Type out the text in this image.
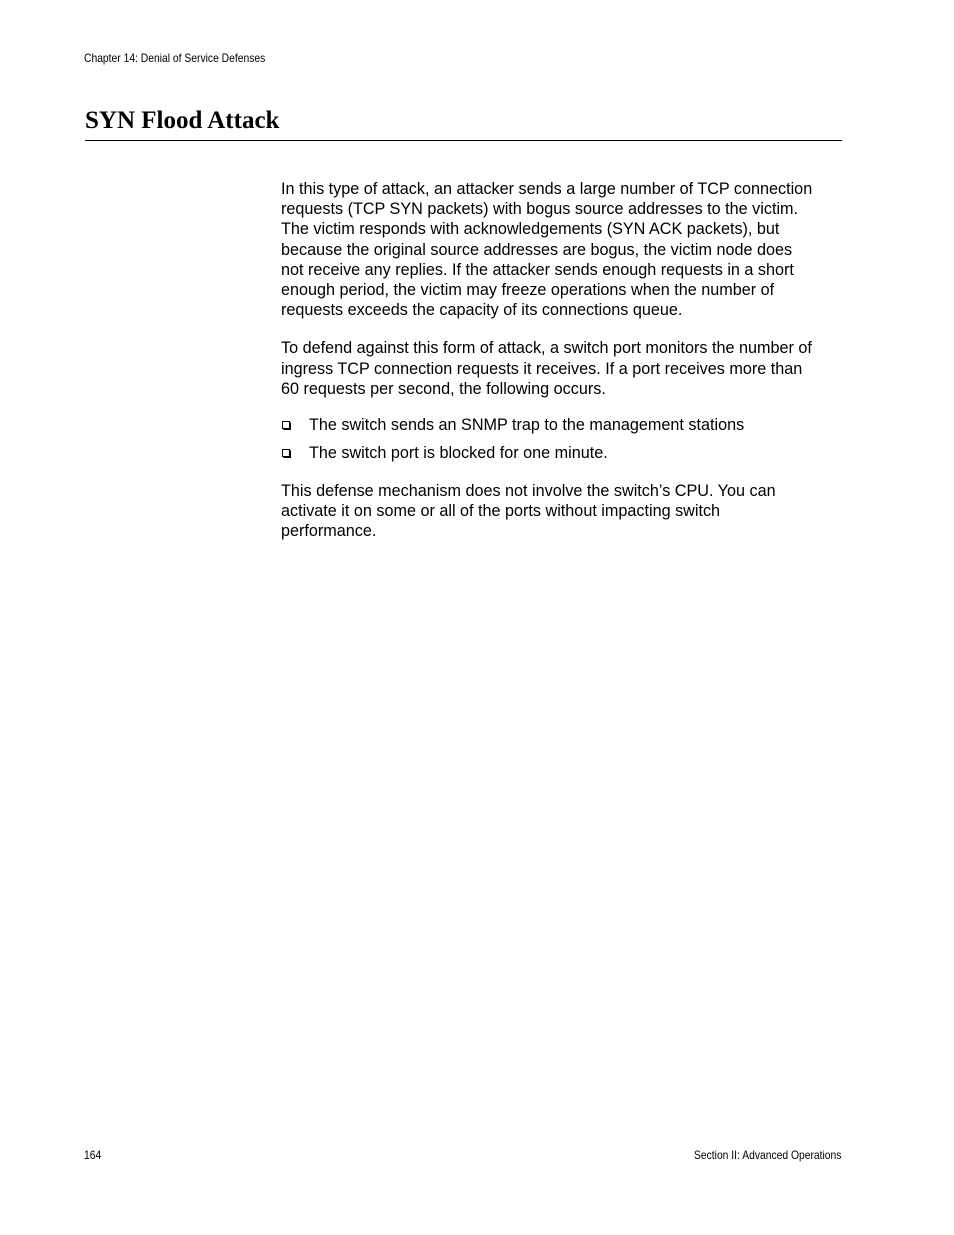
Chapter 14: Denial of Service Defenses
SYN Flood Attack

In this type of attack, an attacker sends a large number of TCP connection

requests (TCP SYN packets) with bogus source addresses to the victim.

The victim responds with acknowledgements (SYN ACK packets), but

because the original source addresses are bogus, the victim node does

not receive any replies. If the attacker sends enough requests in a short

enough period, the victim may freeze operations when the number of

requests exceeds the capacity of its connections queue.

To defend against this form of attack, a switch port monitors the number of

ingress TCP connection requests it receives. If a port receives more than

60 requests per second, the following occurs.

The switch sends an SNMP trap to the management stations
The switch port is blocked for one minute.

This defense mechanism does not involve the switch’s CPU. You can

activate it on some or all of the ports without impacting switch

performance.

164	Section II: Advanced Operations
